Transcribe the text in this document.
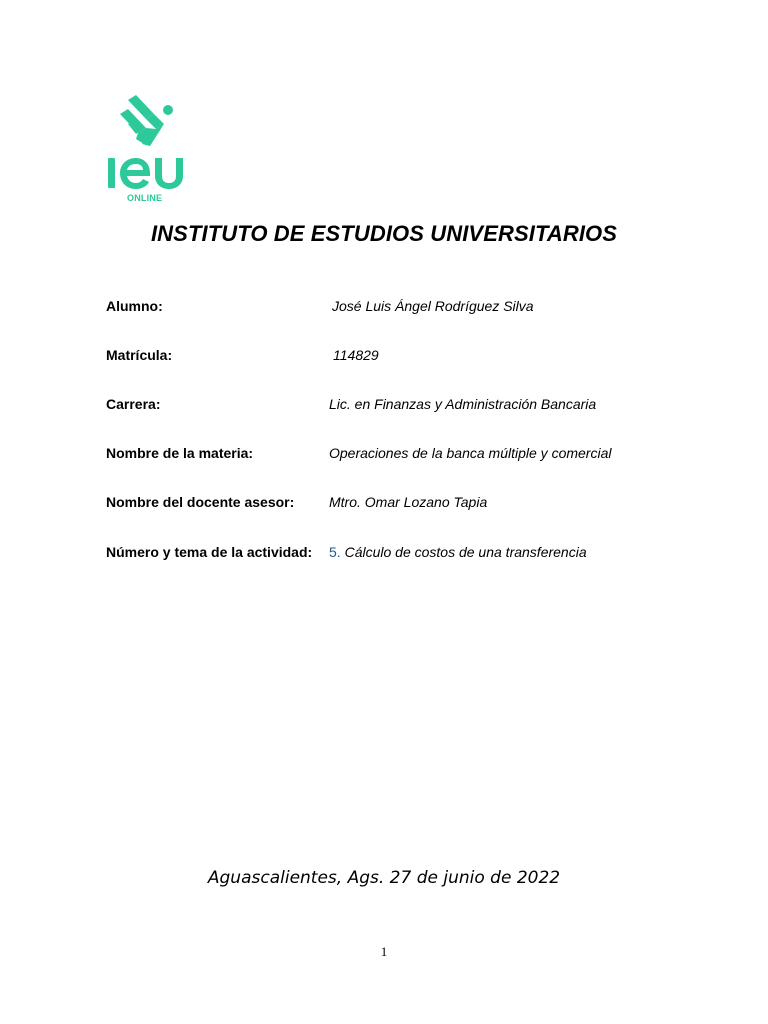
ONLINE
INSTITUTO DE ESTUDIOS UNIVERSITARIOS
Alumno:	José Luis Ángel Rodríguez Silva
Matrícula:	114829
Carrera:	Lic. en Finanzas y Administración Bancaria
Nombre de la materia:	Operaciones de la banca múltiple y comercial
Nombre del docente asesor: Mtro. Omar Lozano Tapia
Número y tema de la actividad: 5. Cálculo de costos de una transferencia
Aguascalientes, Ags. 27 de junio de 2022
1
